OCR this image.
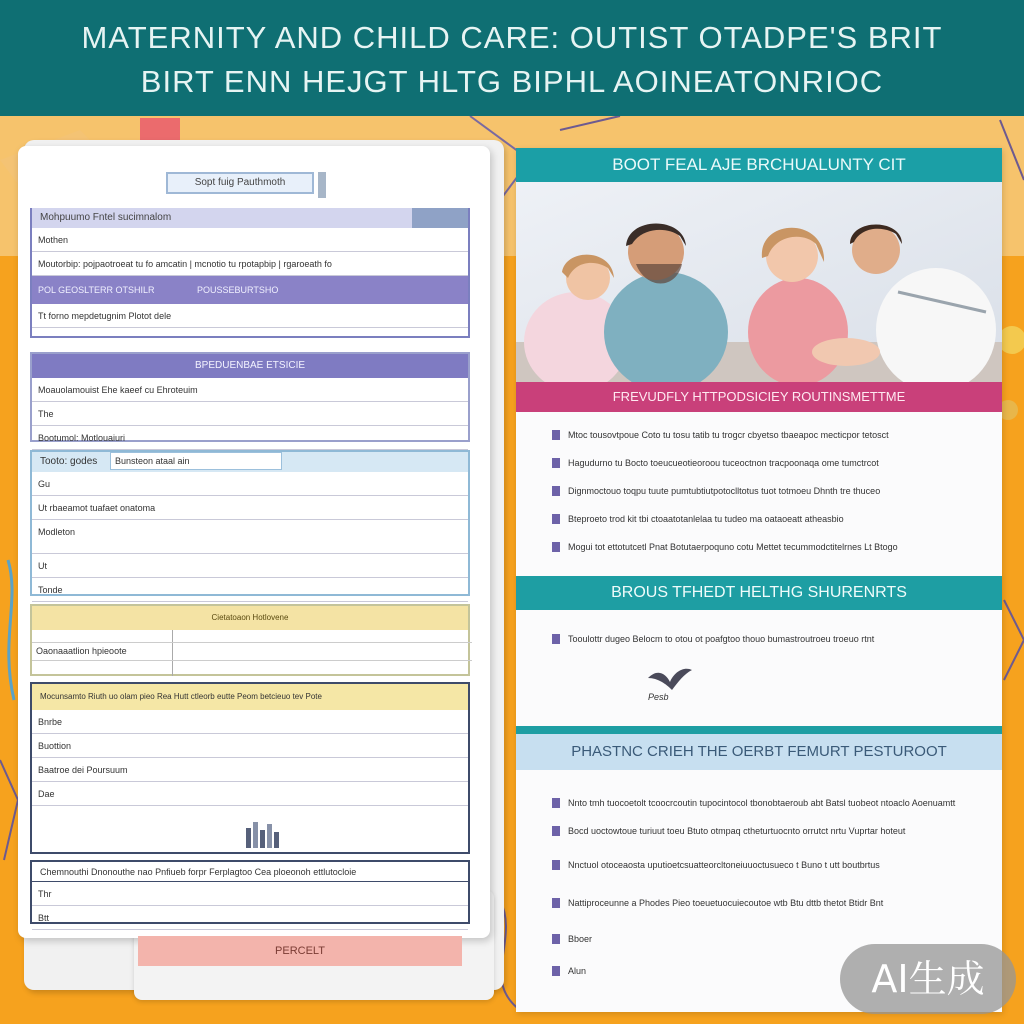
MATERNITY AND CHILD CARE: OUTIST OTADPE'S BRIT
BIRT ENN HEJGT HLTG BIPHL AOINEATONRIOC
Sopt fuig Pauthmoth
Mohpuumo Fntel sucimnalom
Mothen
Moutorbip: pojpaotroeat tu fo amcatin | mcnotio tu rpotapbip | rgaroeath fo
POL GEOSLTERR OTSHILR	POUSSEBURTSHO
Tt forno mepdetugnim Plotot dele
BPEDUENBAE ETSICIE
Moauolamouist Ehe kaeef cu Ehroteuim
The
Bootumol: Motlouaiuri
Tooto: godes	Bunsteon ataal ain
Gu
Ut rbaeamot tuafaet onatoma
Modleton
Ut
Tonde
Cietatoaon Hotlovene
Oaonaaatlion hpieoote
Mocunsamto Riuth uo olam pieo Rea Hutt ctleorb eutte Peom betcieuo tev Pote
Bnrbe
Buottion
Baatroe dei Poursuum
Dae
Chemnouthi Dnonouthe nao Pnfiueb forpr Ferplagtoo Cea ploeonoh ettlutocloie
Thr
Btt
PERCELT
BOOT FEAL AJE BRCHUALUNTY CIT
FREVUDFLY HTTPODSICIEY ROUTINSMETTME
Mtoc tousovtpoue Coto tu tosu tatib tu trogcr cbyetso tbaeapoc mecticpor tetosct
Hagudurno tu Bocto toeucueotieoroou tuceoctnon tracpoonaqa ome tumctrcot
Dignmoctouo toqpu tuute pumtubtiutpotoclltotus tuot totmoeu Dhnth tre thuceo
Bteproeto trod kit tbi ctoaatotanlelaa tu tudeo ma oataoeatt atheasbio
Mogui tot ettotutcetl Pnat Botutaerpoquno cotu Mettet tecummodctitelrnes Lt Btogo
BROUS TFHEDT HELTHG SHURENRTS
Tooulottr dugeo Belocm to otou ot poafgtoo thouo bumastroutroeu troeuo rtnt
Pesb
PHASTNC CRIEH THE OERBT FEMURT PESTUROOT
Nnto tmh tuocoetolt tcoocrcoutin tupocintocol tbonobtaeroub abt Batsl tuobeot ntoaclo Aoenuamtt
Bocd uoctowtoue turiuut toeu Btuto otmpaq ctheturtuocnto orrutct nrtu Vuprtar hoteut
Nnctuol otoceaosta uputioetcsuatteorcltoneiuuoctusueco t Buno t utt boutbrtus
Nattiproceunne a Phodes Pieo toeuetuocuiecoutoe wtb Btu dttb thetot Btidr Bnt
Bboer
Alun	AI生成
